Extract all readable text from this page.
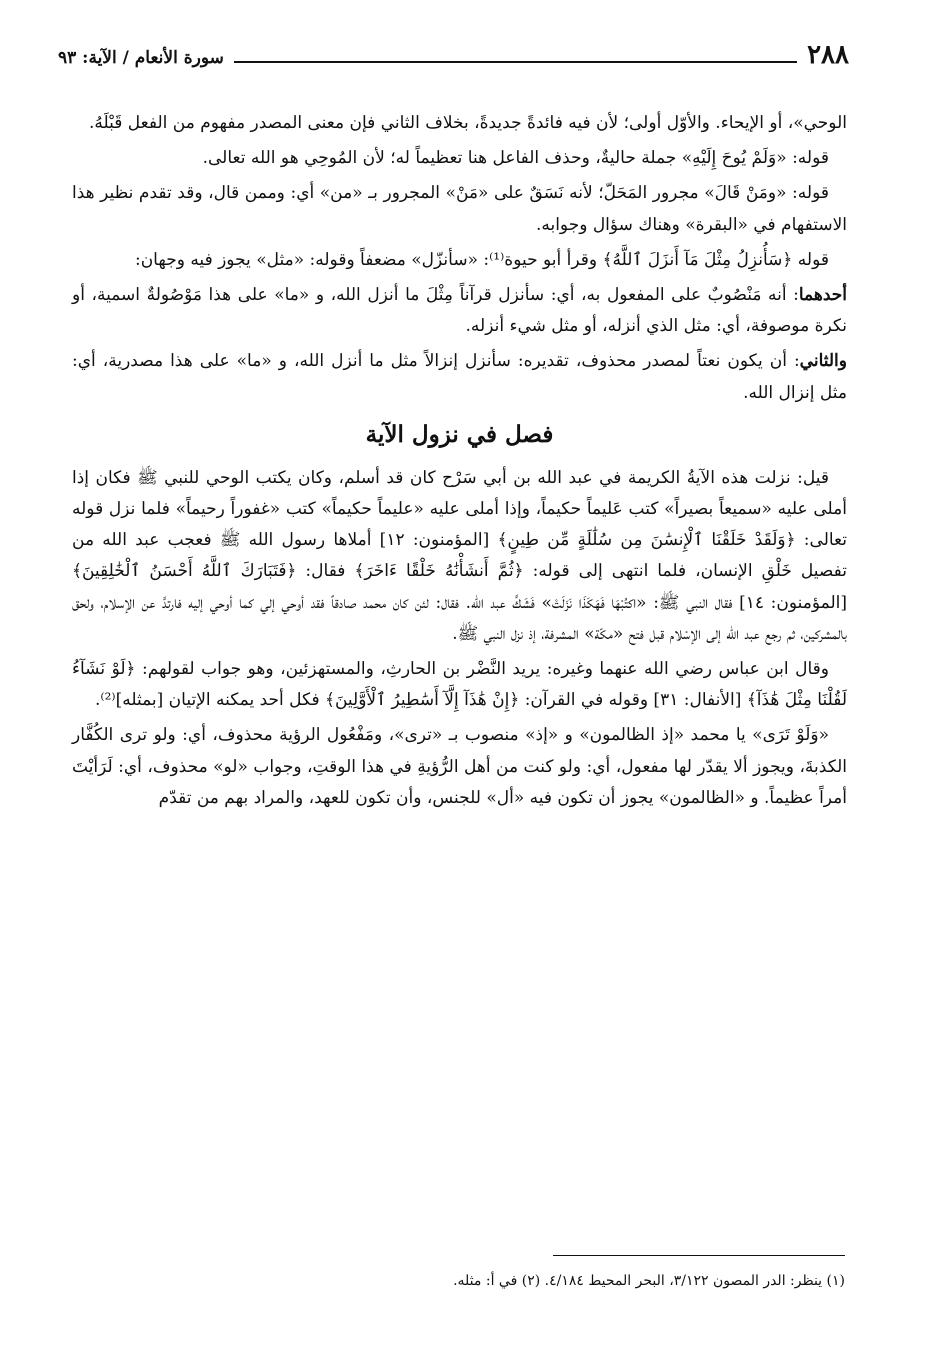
٢٨٨
سورة الأنعام / الآية: ٩٣

الوحي»، أو الإيحاء. والأوّل أولى؛ لأن فيه فائدةً جديدةً، بخلاف الثاني فإن معنى المصدر مفهوم من الفعل قَبْلَهُ.

قوله: «وَلَمْ يُوحَ إِلَيْهِ» جملة حاليةٌ، وحذف الفاعل هنا تعظيماً له؛ لأن المُوحِي هو الله تعالى.

قوله: «ومَنْ قَالَ» مجرور المَحَلّ؛ لأنه نَسَقٌ على «مَنْ» المجرور بـ «من» أي: وممن قال، وقد تقدم نظير هذا الاستفهام في «البقرة» وهناك سؤال وجوابه.

قوله ﴿سَأُنزِلُ مِثْلَ مَآ أَنزَلَ ٱللَّهُ﴾ وقرأ أبو حيوة⁽¹⁾: «سأنزّل» مضعفاً وقوله: «مثل» يجوز فيه وجهان:

أحدهما: أنه مَنْصُوبٌ على المفعول به، أي: سأنزل قرآناً مِثْلَ ما أنزل الله، و «ما» على هذا مَوْصُولةٌ اسمية، أو نكرة موصوفة، أي: مثل الذي أنزله، أو مثل شيء أنزله.

والثاني: أن يكون نعتاً لمصدر محذوف، تقديره: سأنزل إنزالاً مثل ما أنزل الله، و «ما» على هذا مصدرية، أي: مثل إنزال الله.

فصل في نزول الآية

قيل: نزلت هذه الآيةُ الكريمة في عبد الله بن أبي سَرْح كان قد أسلم، وكان يكتب الوحي للنبي ﷺ فكان إذا أملى عليه «سميعاً بصيراً» كتب عَليماً حكيماً، وإذا أملى عليه «عليماً حكيماً» كتب «غفوراً رحيماً» فلما نزل قوله تعالى: ﴿وَلَقَدْ خَلَقْنَا ٱلْإِنسَٰنَ مِن سُلَٰلَةٍ مِّن طِينٍ﴾ [المؤمنون: ١٢] أملاها رسول الله ﷺ فعجب عبد الله من تفصيل خَلْقِ الإنسان، فلما انتهى إلى قوله: ﴿ثُمَّ أَنشَأْنَٰهُ خَلْقًا ءَاخَرَ﴾ فقال: ﴿فَتَبَارَكَ ٱللَّهُ أَحْسَنُ ٱلْخَٰلِقِينَ﴾ [المؤمنون: ١٤] فقال النبي ﷺ: «اكتُبْهَا فَهَكَذَا نَزَلَتْ» فَشَكَّ عبد الله. فقال: لئن كان محمد صادقاً فقد أوحي إلي كما أوحي إليه فارتدَّ عن الإسلام، ولحق بالمشركين، ثم رجع عبد الله إلى الإسْلام قبل فتح «مكّة» المشرفة، إذ نزل النبي ﷺ.

وقال ابن عباس رضي الله عنهما وغيره: يريد النَّضْر بن الحارثِ، والمستهزئين، وهو جواب لقولهم: ﴿لَوْ نَشَآءُ لَقُلْنَا مِثْلَ هَٰذَآ﴾ [الأنفال: ٣١] وقوله في القرآن: ﴿إِنْ هَٰذَآ إِلَّآ أَسَٰطِيرُ ٱلْأَوَّلِينَ﴾ فكل أحد يمكنه الإتيان [بمثله]⁽²⁾.

«وَلَوْ تَرَى» يا محمد «إذ الظالمون» و «إذ» منصوب بـ «ترى»، ومَفْعُول الرؤية محذوف، أي: ولو ترى الكُفَّار الكذبةَ، ويجوز ألا يقدّر لها مفعول، أي: ولو كنت من أهل الرُّؤيةِ في هذا الوقتِ، وجواب «لو» محذوف، أي: لَرَأيْتَ أمراً عظيماً. و «الظالمون» يجوز أن تكون فيه «أل» للجنس، وأن تكون للعهد، والمراد بهم من تقدّم

(١) ينظر: الدر المصون ٣/١٢٢، البحر المحيط ٤/١٨٤. (٢) في أ: مثله.
